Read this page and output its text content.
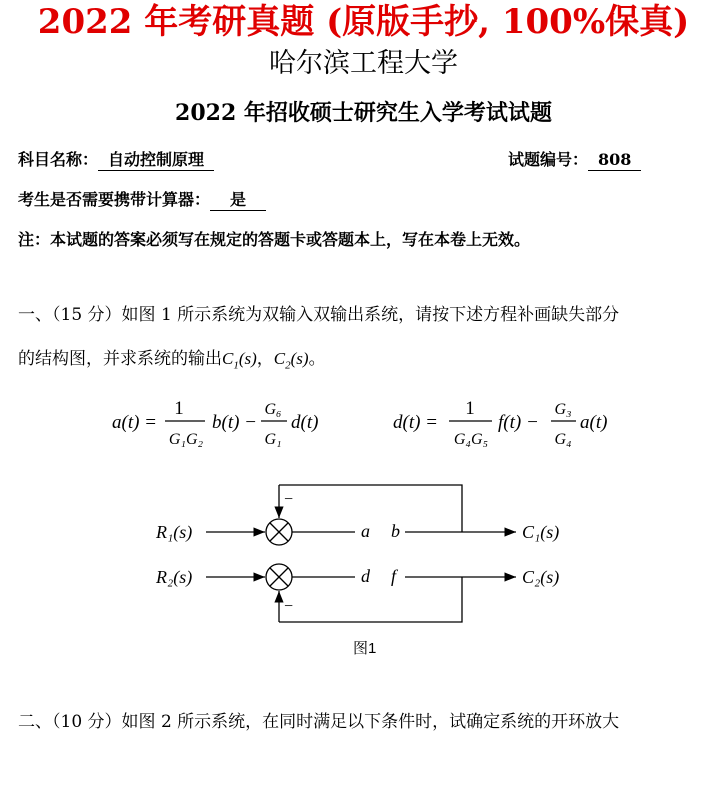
2022 年考研真题 (原版手抄, 100%保真)
哈尔滨工程大学
2022 年招收硕士研究生入学考试试题
科目名称： 自动控制原理	试题编号： 808
考生是否需要携带计算器： 是
注：本试题的答案必须写在规定的答题卡或答题本上，写在本卷上无效。
一、（15 分）如图 1 所示系统为双输入双输出系统，请按下述方程补画缺失部分
的结构图，并求系统的输出$C_1(s)$，$C_2(s)$。
a(t) =
1
G₁G₂
b(t) −
G₆
G₁
d(t)	d(t) =
1
G₄G₅
f(t) −
G₃
G₄
a(t)
R₁(s)
R₂(s)
a b
d f
C₁(s)
C₂(s)
−
−
图1
二、（10 分）如图 2 所示系统，在同时满足以下条件时，试确定系统的开环放大
